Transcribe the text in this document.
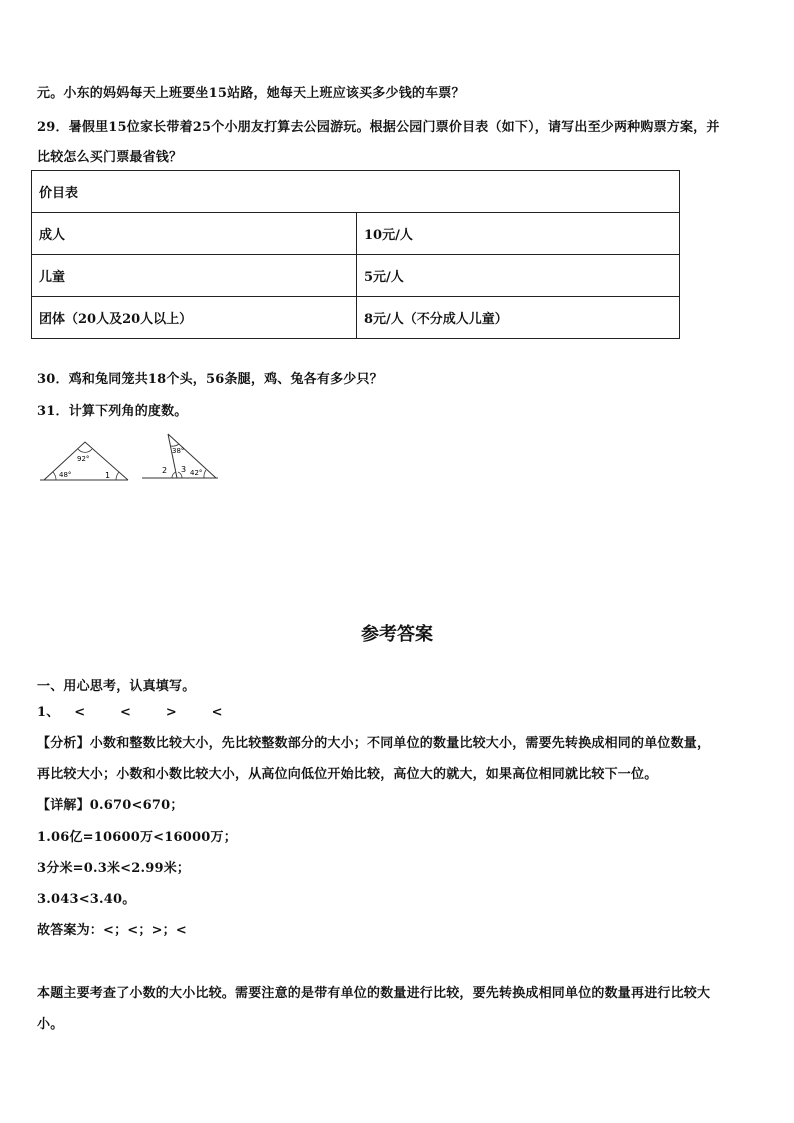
元。小东的妈妈每天上班要坐15站路，她每天上班应该买多少钱的车票？
29．暑假里15位家长带着25个小朋友打算去公园游玩。根据公园门票价目表（如下），请写出至少两种购票方案，并
比较怎么买门票最省钱？
价目表	
成人	10元/人
儿童	5元/人
团体（20人及20人以上）	8元/人（不分成人儿童）
30．鸡和兔同笼共18个头，56条腿，鸡、兔各有多少只？
31．计算下列角的度数。
92°
48°	1
38°
42°
2 3
参考答案
一、用心思考，认真填写。
1、 <	<	>	<
【分析】小数和整数比较大小，先比较整数部分的大小；不同单位的数量比较大小，需要先转换成相同的单位数量，
再比较大小；小数和小数比较大小，从高位向低位开始比较，高位大的就大，如果高位相同就比较下一位。
【详解】0.670<670；
1.06亿=10600万<16000万；
3分米=0.3米<2.99米；
3.043<3.40。
故答案为：<；<；>；<
本题主要考查了小数的大小比较。需要注意的是带有单位的数量进行比较，要先转换成相同单位的数量再进行比较大
小。
